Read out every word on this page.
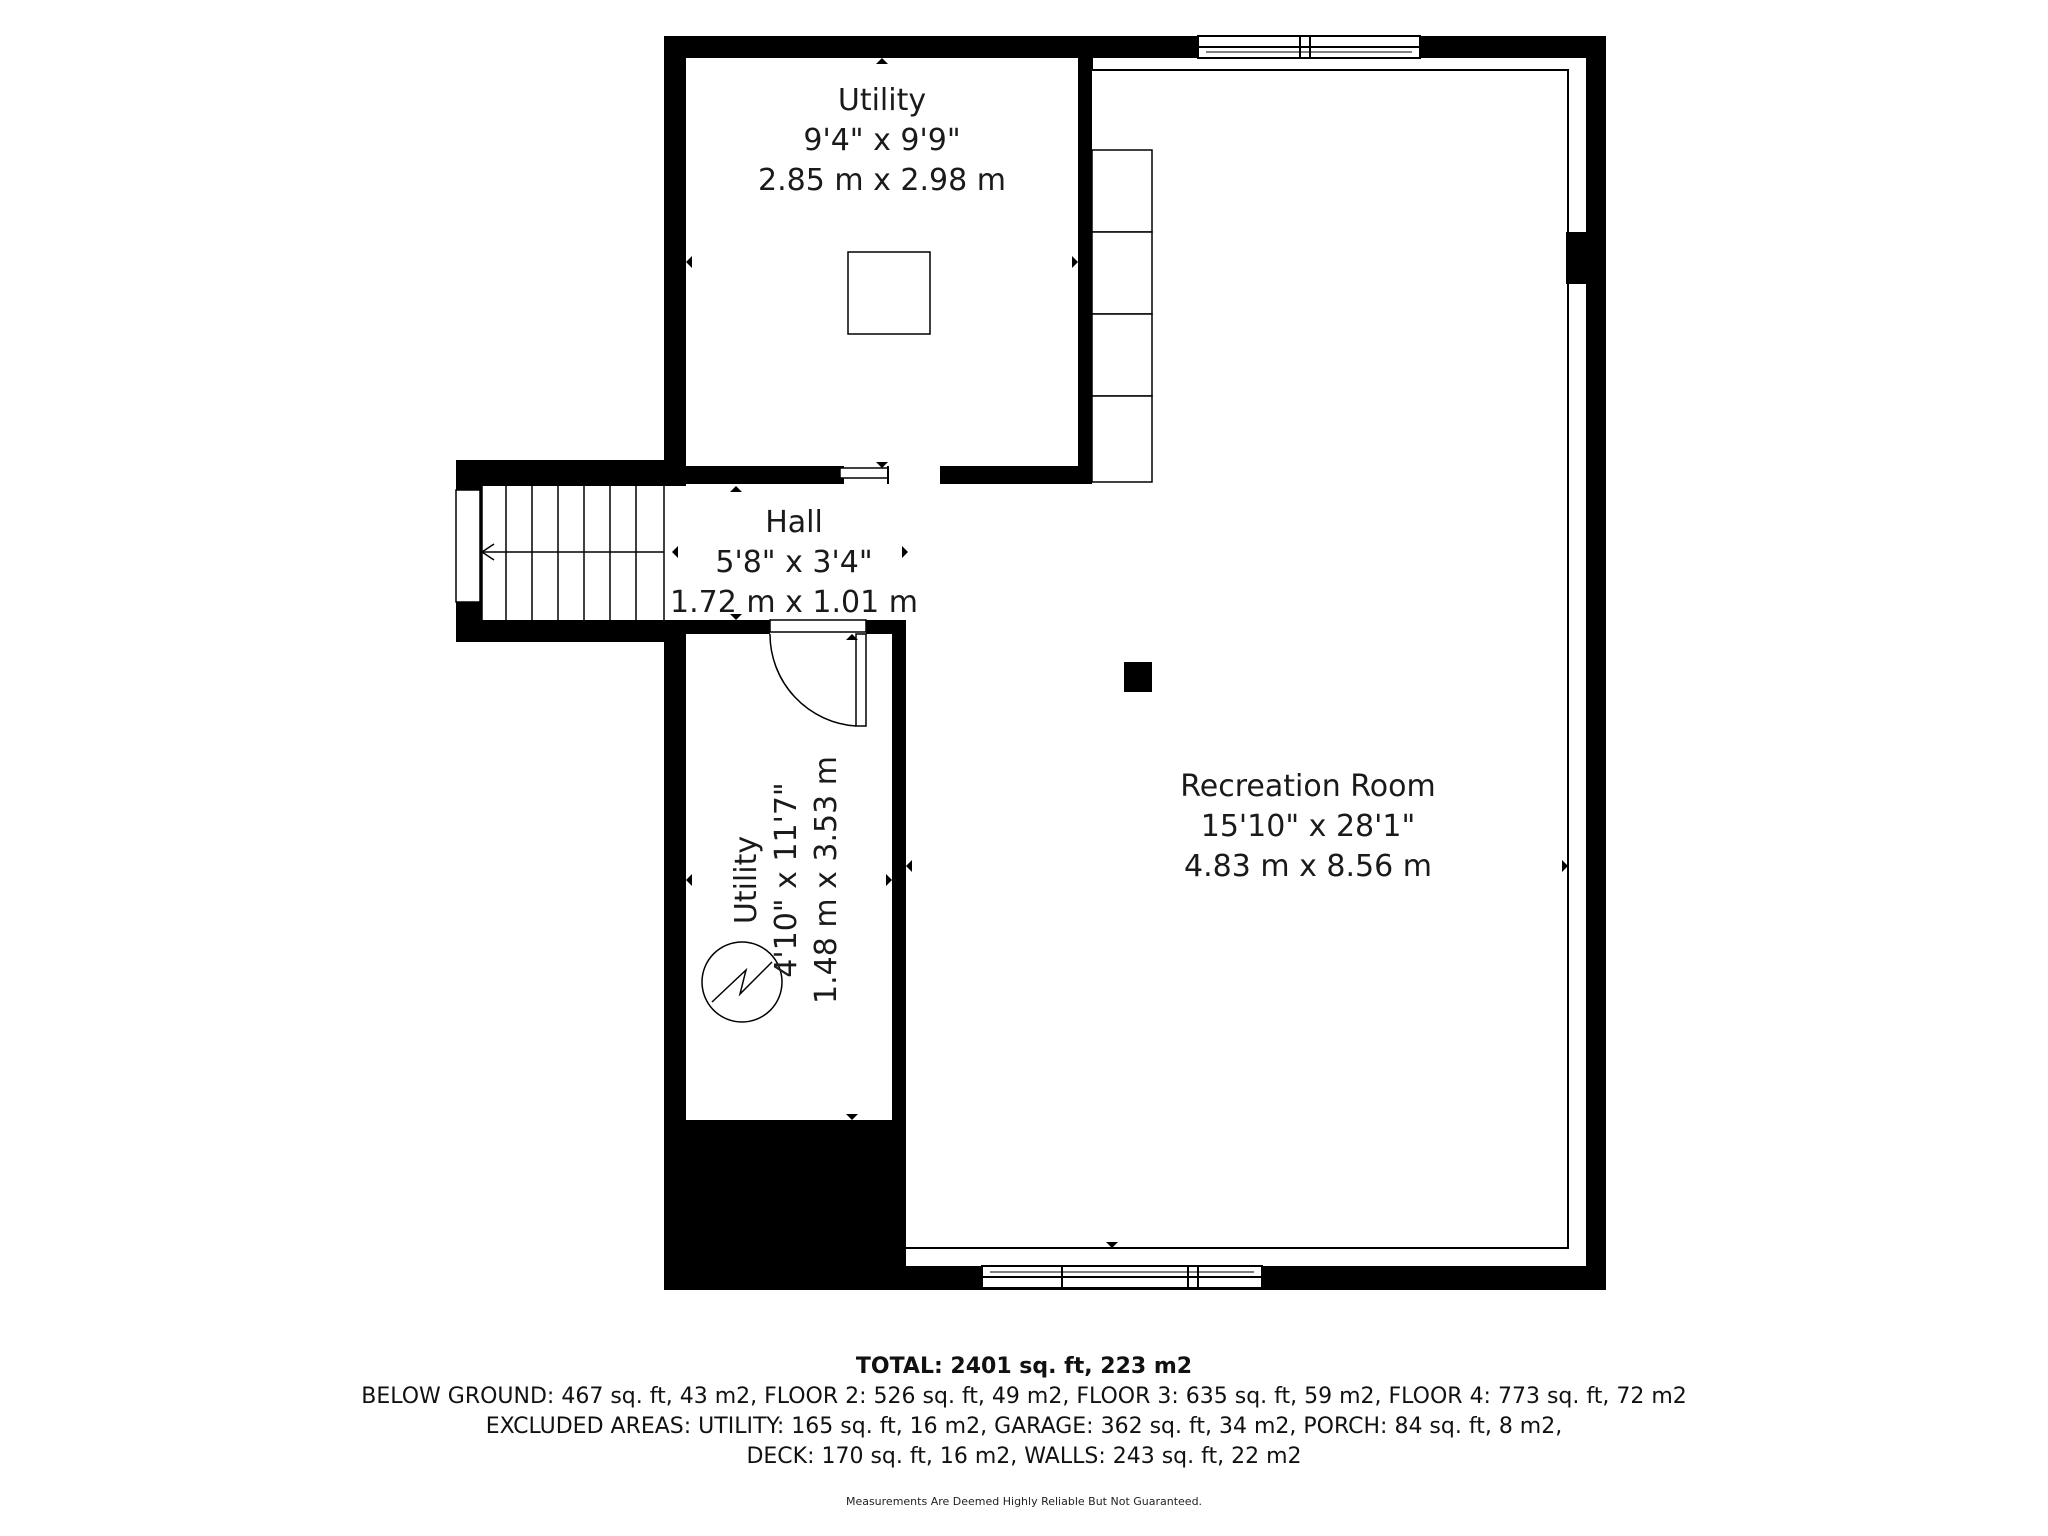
Utility
9'4" x 9'9"
2.85 m x 2.98 m
Hall
5'8" x 3'4"
1.72 m x 1.01 m
Utility 4'10" x 11'7" 1.48 m x 3.53 m	Recreation Room
15'10" x 28'1"
4.83 m x 8.56 m
TOTAL: 2401 sq. ft, 223 m2
BELOW GROUND: 467 sq. ft, 43 m2, FLOOR 2: 526 sq. ft, 49 m2, FLOOR 3: 635 sq. ft, 59 m2, FLOOR 4: 773 sq. ft, 72 m2
EXCLUDED AREAS: UTILITY: 165 sq. ft, 16 m2, GARAGE: 362 sq. ft, 34 m2, PORCH: 84 sq. ft, 8 m2,
DECK: 170 sq. ft, 16 m2, WALLS: 243 sq. ft, 22 m2
Measurements Are Deemed Highly Reliable But Not Guaranteed.
